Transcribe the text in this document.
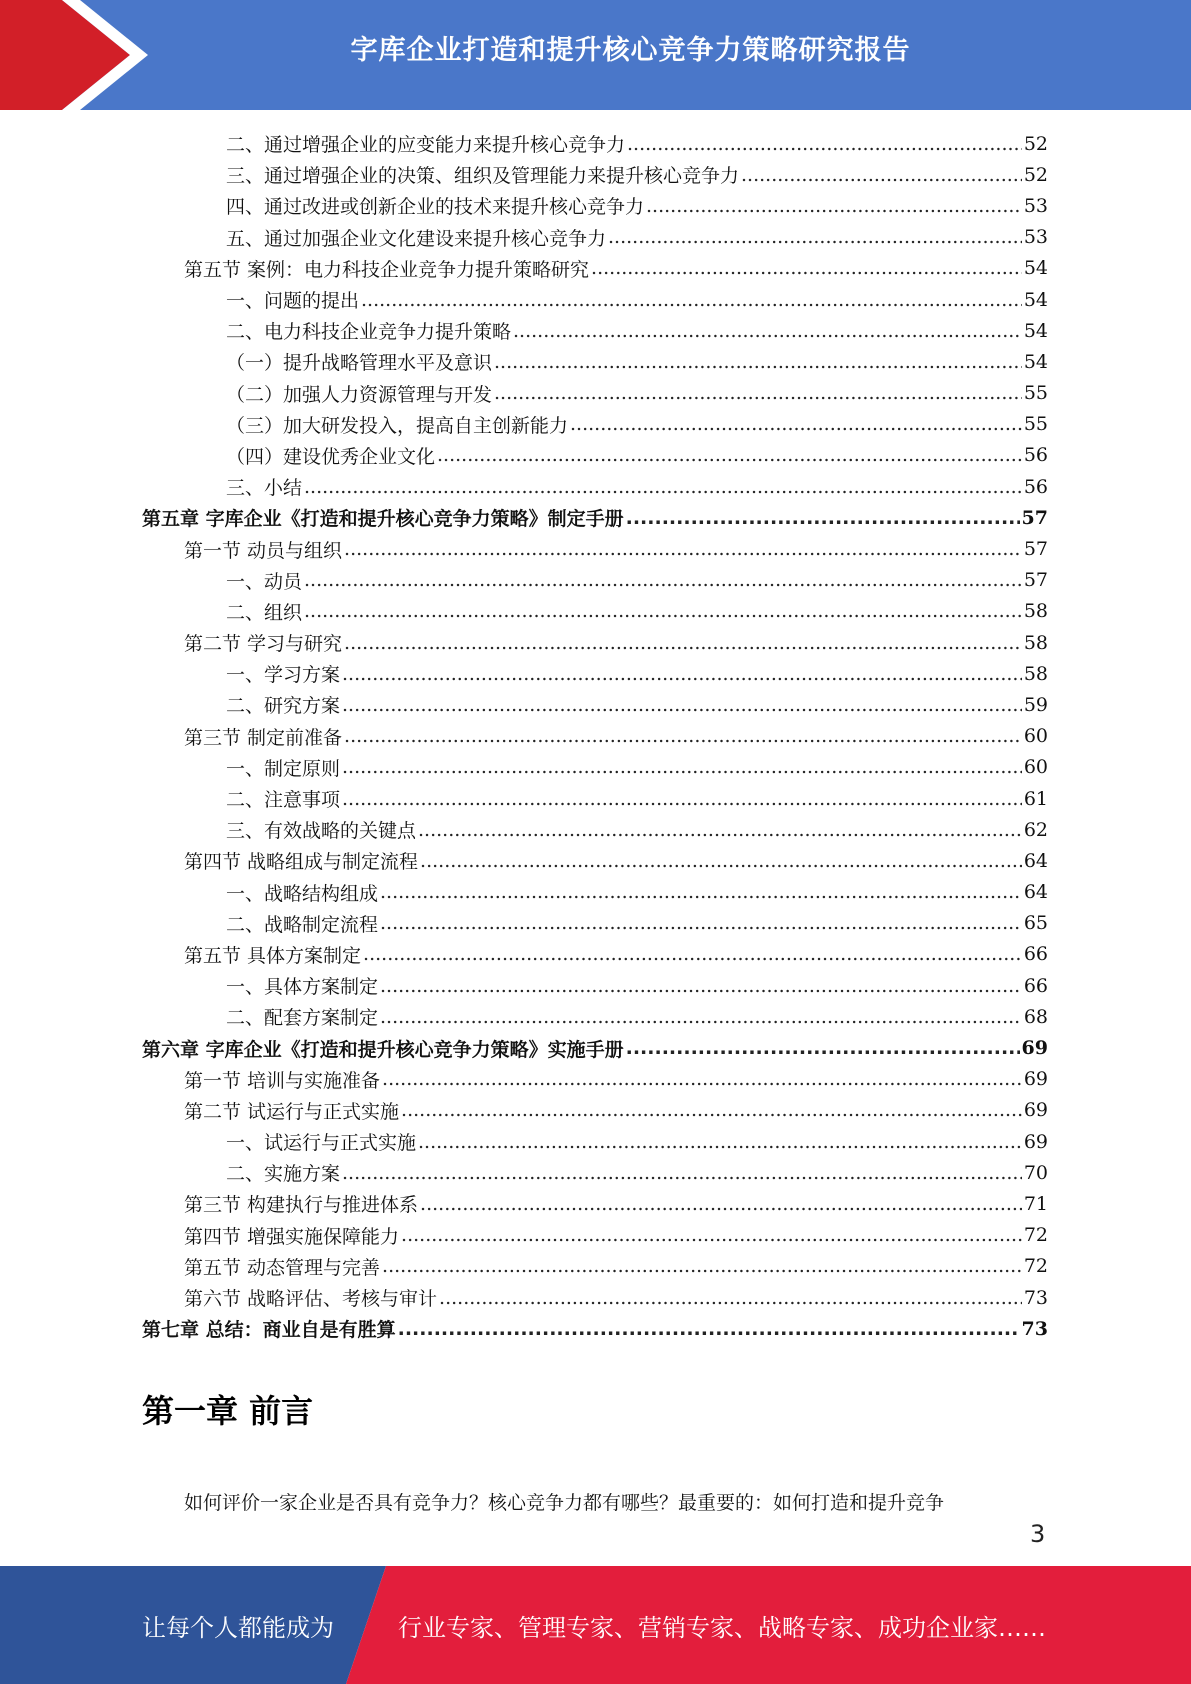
字库企业打造和提升核心竞争力策略研究报告
二、通过增强企业的应变能力来提升核心竞争力 .....	52
三、通过增强企业的决策、组织及管理能力来提升核心竞争力 .....	52
四、通过改进或创新企业的技术来提升核心竞争力 .....	53
五、通过加强企业文化建设来提升核心竞争力 .....	53
第五节 案例：电力科技企业竞争力提升策略研究 .....	54
一、问题的提出 .....	54
二、电力科技企业竞争力提升策略 .....	54
（一）提升战略管理水平及意识 .....	54
（二）加强人力资源管理与开发 .....	55
（三）加大研发投入，提高自主创新能力 .....	55
（四）建设优秀企业文化 .....	56
三、小结 .....	56
第五章 字库企业《打造和提升核心竞争力策略》制定手册 .....	57
第一节 动员与组织 .....	57
一、动员 .....	57
二、组织 .....	58
第二节 学习与研究 .....	58
一、学习方案 .....	58
二、研究方案 .....	59
第三节 制定前准备 .....	60
一、制定原则 .....	60
二、注意事项 .....	61
三、有效战略的关键点 .....	62
第四节 战略组成与制定流程 .....	64
一、战略结构组成 .....	64
二、战略制定流程 .....	65
第五节 具体方案制定 .....	66
一、具体方案制定 .....	66
二、配套方案制定 .....	68
第六章 字库企业《打造和提升核心竞争力策略》实施手册 .....	69
第一节 培训与实施准备 .....	69
第二节 试运行与正式实施 .....	69
一、试运行与正式实施 .....	69
二、实施方案 .....	70
第三节 构建执行与推进体系 .....	71
第四节 增强实施保障能力 .....	72
第五节 动态管理与完善 .....	72
第六节 战略评估、考核与审计 .....	73
第七章 总结：商业自是有胜算 .....	73
第一章 前言
如何评价一家企业是否具有竞争力？核心竞争力都有哪些？最重要的：如何打造和提升竞争
3
让每个人都能成为	行业专家、管理专家、营销专家、战略专家、成功企业家……
